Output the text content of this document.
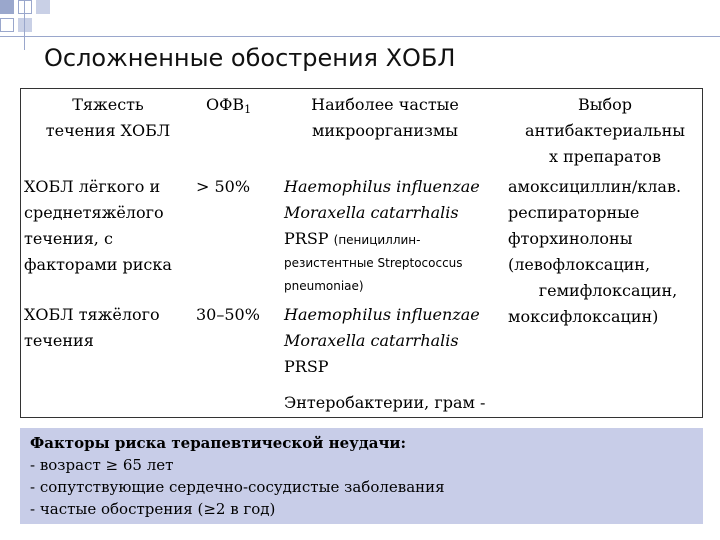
Осложненные обострения ХОБЛ
Тяжесть
течения ХОБЛ
$ОФВ_1$	Наиболее частые
микроорганизмы
Выбор
антибактериальны
х препаратов
ХОБЛ лёгкого и
среднетяжёлого
течения, с
факторами риска
> 50% Haemophilus influenzae
Moraxella catarrhalis
PRSP (пенициллин-
резистентные Streptococcus
pneumoniae)
амоксициллин/клав.
респираторные
фторхинолоны
(левофлоксацин,
гемифлоксацин,
моксифлоксацин)
ХОБЛ тяжёлого
течения
30–50% Haemophilus influenzae
Moraxella catarrhalis
PRSP
Энтеробактерии, грам -
Факторы риска терапевтической неудачи:
- возраст ≥ 65 лет
- сопутствующие сердечно-сосудистые заболевания
- частые обострения (≥2 в год)
